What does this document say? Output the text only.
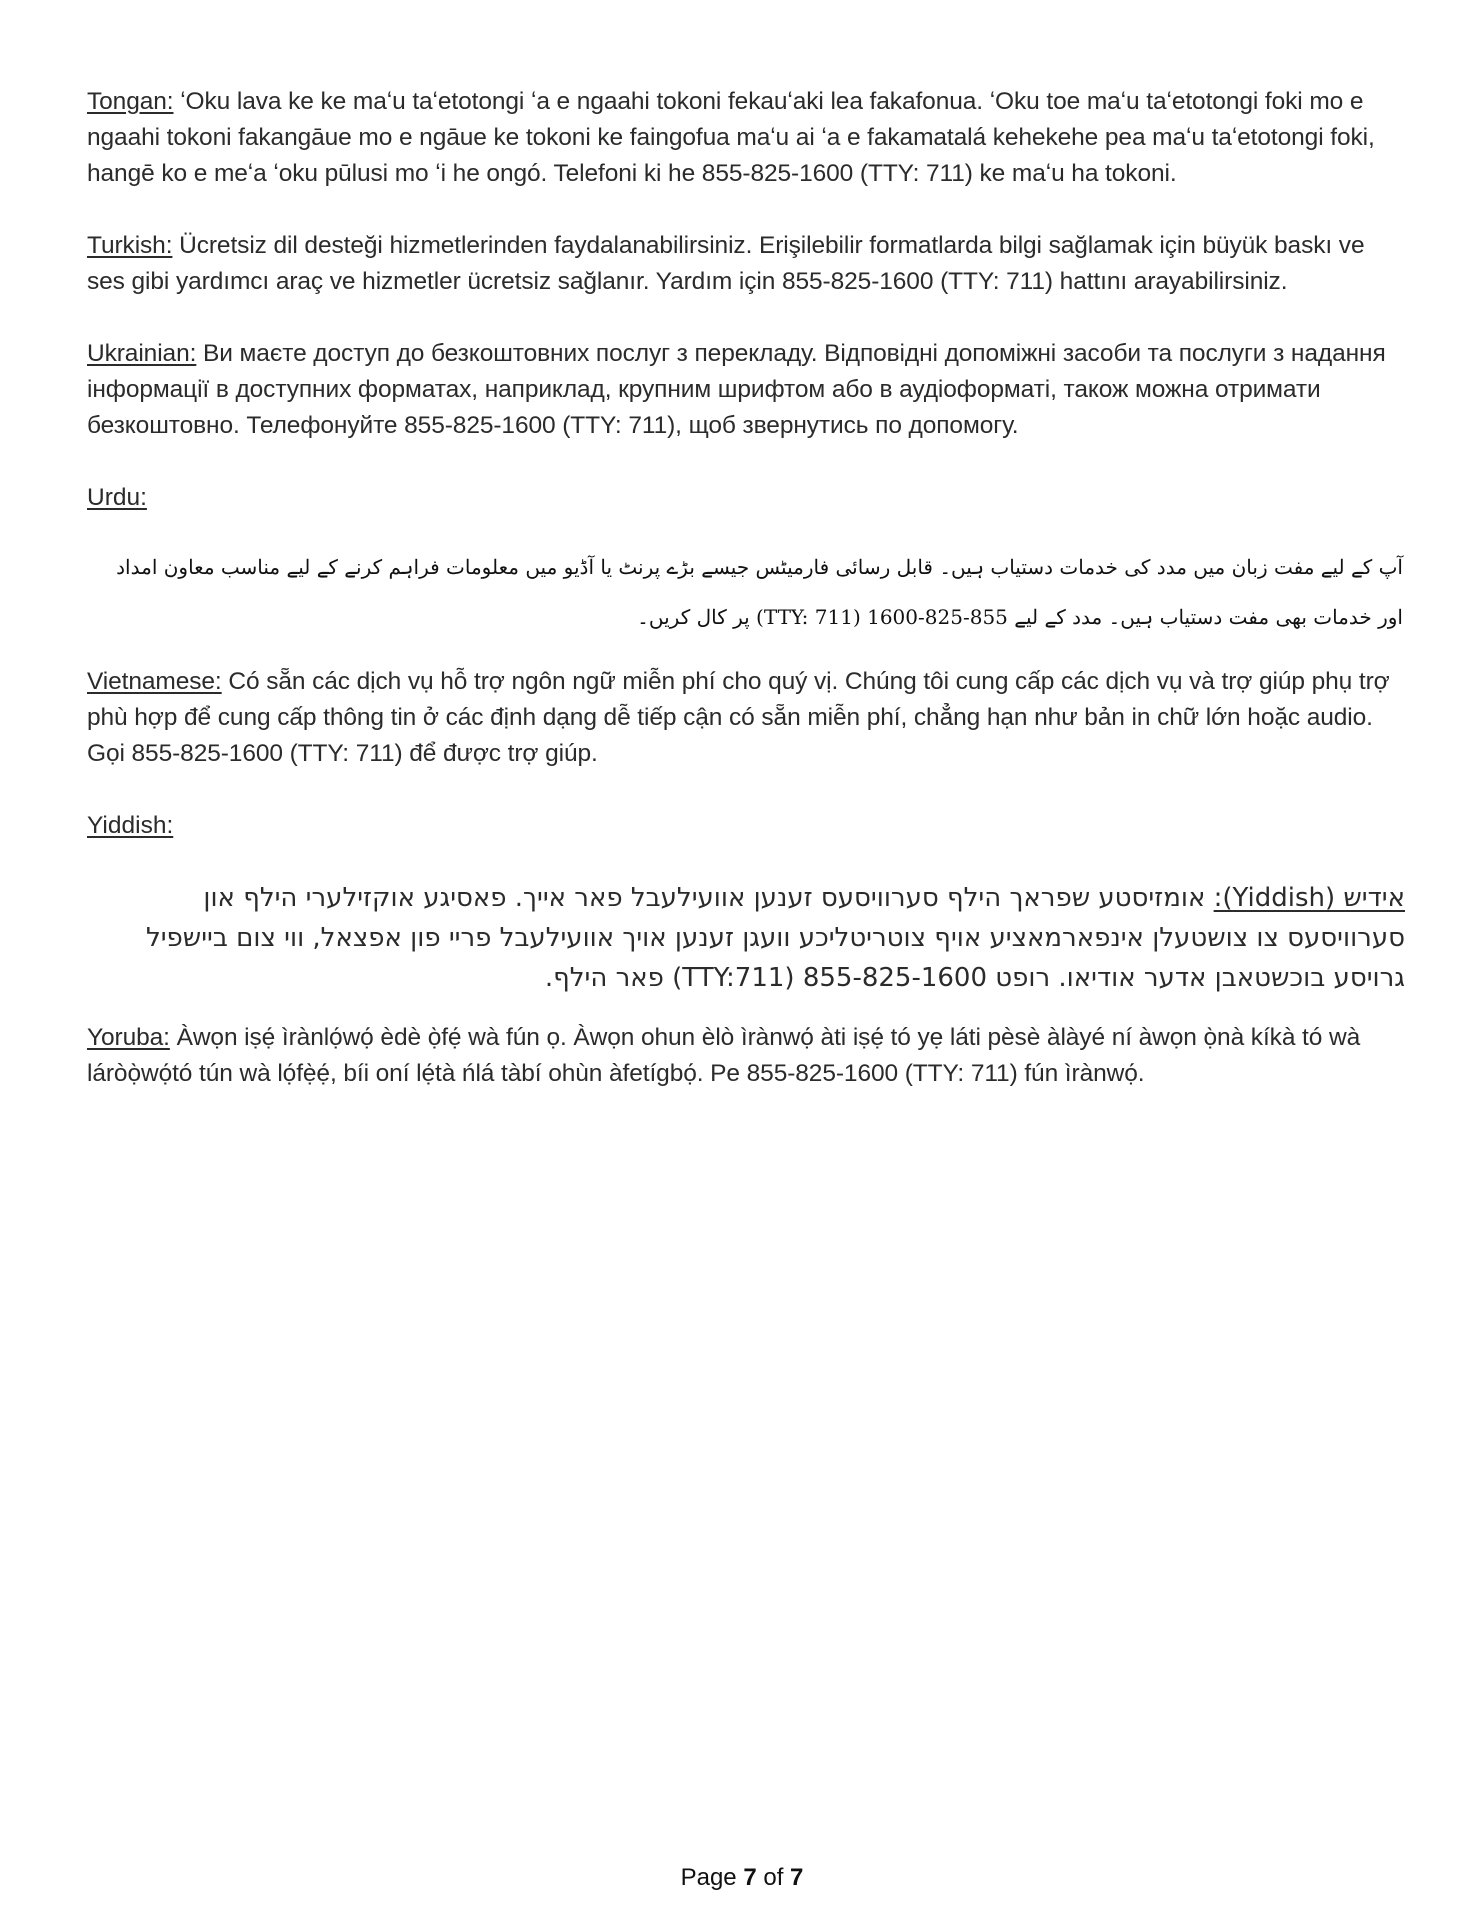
Tongan: ʻOku lava ke ke maʻu taʻetotongi ʻa e ngaahi tokoni fekauʻaki lea fakafonua. ʻOku toe maʻu taʻetotongi foki mo e ngaahi tokoni fakangāue mo e ngāue ke tokoni ke faingofua maʻu ai ʻa e fakamatalá kehekehe pea maʻu taʻetotongi foki, hangē ko e meʻa ʻoku pūlusi mo ʻi he ongó. Telefoni ki he 855-825-1600 (TTY: 711) ke maʻu ha tokoni.

Turkish: Ücretsiz dil desteği hizmetlerinden faydalanabilirsiniz. Erişilebilir formatlarda bilgi sağlamak için büyük baskı ve ses gibi yardımcı araç ve hizmetler ücretsiz sağlanır. Yardım için 855-825-1600 (TTY: 711) hattını arayabilirsiniz.

Ukrainian: Ви маєте доступ до безкоштовних послуг з перекладу. Відповідні допоміжні засоби та послуги з надання інформації в доступних форматах, наприклад, крупним шрифтом або в аудіоформаті, також можна отримати безкоштовно. Телефонуйте 855-825-1600 (TTY: 711), щоб звернутись по допомогу.

Urdu:

آپ کے لیے مفت زبان میں مدد کی خدمات دستیاب ہیں۔ قابل رسائی فارمیٹس جیسے بڑے پرنٹ یا آڈیو میں معلومات فراہم کرنے کے لیے مناسب معاون امداد اور خدمات بھی مفت دستیاب ہیں۔ مدد کے لیے 855-825-1600 (TTY: 711) پر کال کریں۔

Vietnamese: Có sẵn các dịch vụ hỗ trợ ngôn ngữ miễn phí cho quý vị. Chúng tôi cung cấp các dịch vụ và trợ giúp phụ trợ phù hợp để cung cấp thông tin ở các định dạng dễ tiếp cận có sẵn miễn phí, chẳng hạn như bản in chữ lớn hoặc audio. Gọi 855-825-1600 (TTY: 711) để được trợ giúp.

Yiddish:

אידיש (Yiddish): אומזיסטע שפראך הילף סערוויסעס זענען אוועילעבל פאר אייך. פאסיגע אוקזילערי הילף און סערוויסעס צו צושטעלן אינפארמאציע אויף צוטריטליכע וועגן זענען אויך אוועילעבל פריי פון אפצאל, ווי צום ביישפיל גרויסע בוכשטאבן אדער אודיאו. רופט 855-825-1600 (TTY:711) פאר הילף.

Yoruba: Àwọn iṣẹ́ ìrànlọ́wọ́ èdè ọ̀fẹ́ wà fún ọ. Àwọn ohun èlò ìrànwọ́ àti iṣẹ́ tó yẹ láti pèsè àlàyé ní àwọn ọ̀nà kíkà tó wà láròọ̀wọ́tó tún wà lọ́fẹ̀ẹ́, bíi oní lẹ́tà ńlá tàbí ohùn àfetígbọ́. Pe 855-825-1600 (TTY: 711) fún ìrànwọ́.

Page 7 of 7
